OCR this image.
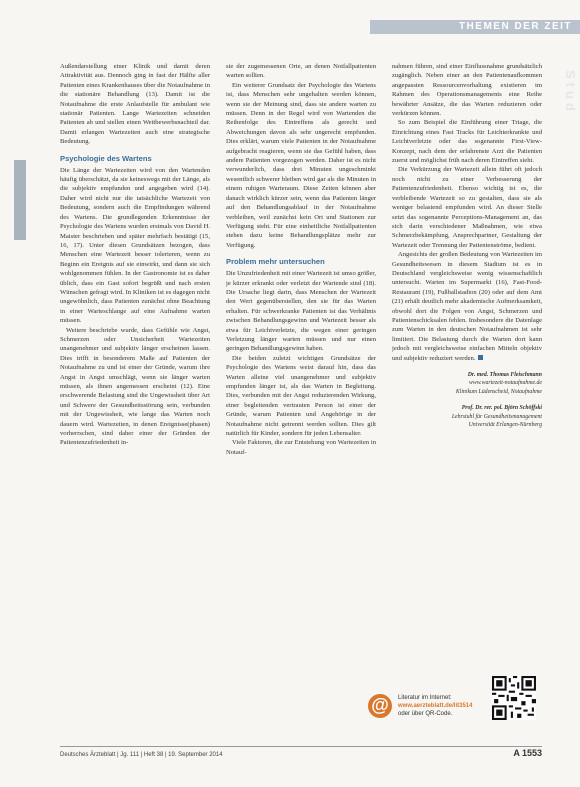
THEMEN DER ZEIT
Stud

Außendarstellung einer Klinik und damit deren Attraktivität aus. Dennoch ging in fast der Hälfte aller Patienten eines Krankenhauses über die Notaufnahme in die stationäre Behandlung (13). Damit ist die Notaufnahme die erste Anlaufstelle für ambulant wie stationär Patienten. Lange Wartezeiten schneiden Patienten ab und stellen einen Wettbewerbsnachteil dar. Damit erlangen Wartezeiten auch eine strategische Bedeutung.

Psychologie des Wartens

Die Länge der Wartezeiten wird von den Wartenden häufig überschätzt, da sie keineswegs mit der Länge, als die subjektiv empfunden und angegeben wird (14). Daher wird nicht nur die tatsächliche Wartezeit von Bedeutung, sondern auch die Empfindungen während des Wartens. Die grundlegenden Erkenntnisse der Psychologie des Wartens wurden erstmals von David H. Maister beschrieben und später mehrfach bestätigt (15, 16, 17). Unter diesen Grundsätzen bezogen, dass Menschen eine Wartezeit besser tolerieren, wenn zu Beginn ein Ereignis auf sie einwirkt, und dann sie sich wohlgenommen fühlen. In der Gastronomie ist es daher üblich, dass ein Gast sofort begrüßt und nach ersten Wünschen gefragt wird. In Kliniken ist es dagegen nicht ungewöhnlich, dass Patienten zunächst ohne Beachtung in einer Warteschlange auf eine Aufnahme warten müssen.

Weitere beschriebe wurde, dass Gefühle wie Angst, Schmerzen oder Unsicherheit Wartezeiten unangenehmer und subjektiv länger erscheinen lassen. Dies trifft in besonderem Maße auf Patienten der Notaufnahme zu und ist einer der Gründe, warum ihre Angst in Angst umschlägt, wenn sie länger warten müssen, als ihnen angemessen erscheint (12). Eine erschwerende Belastung sind die Ungewissheit über Art und Schwere der Gesundheitsstörung sein, verbunden mit der Ungewissheit, wie lange das Warten noch dauern wird. Wartezeiten, in denen Ereignisse(phasen) vorherrschen, sind daher einer der Gründen der Patientenzufriedenheit in-

sie der zugemessenen Orte, an denen Notfallpatienten warten sollten.

Ein weiterer Grundsatz der Psychologie des Wartens ist, dass Menschen sehr ungehalten werden können, wenn sie der Meinung sind, dass sie andere warten zu müssen. Denn in der Regel wird von Wartenden die Reihenfolge des Eintreffens als gerecht und Abweichungen davon als sehr ungerecht empfunden. Dies erklärt, warum viele Patienten in der Notaufnahme aufgebracht reagieren, wenn sie das Gefühl haben, dass andere Patienten vorgezogen werden. Daher ist es nicht verwunderlich, dass drei Minuten ungeschminkt wesentlich schwerer bleiben wird gar als die Minuten in einem ruhigen Warteraum. Diese Zeiten können aber danach wirklich kürzer sein, wenn das Patienten länger auf den Behandlungsablauf in der Notaufnahme verbleiben, weil zunächst kein Ort und Stationen zur Verfügung steht. Für eine einheitliche Notfallpatienten stehen dazu keine Behandlungsplätze mehr zur Verfügung.

Problem mehr untersuchen

Die Unzufriedenheit mit einer Wartezeit ist umso größer, je kürzer erkrankt oder verletzt der Wartende sind (18). Die Ursache liegt darin, dass Menschen der Wartezeit den Wert gegenüberstellen, den sie für das Warten erhalten. Für schwerkranke Patienten ist das Verhältnis zwischen Behandlungsgewinn und Wartezeit besser als etwa für Leichtverletzte, die wegen einer geringen Verletzung länger warten müssen und nur einen geringen Behandlungsgewinn haben.

Die beiden zuletzt wichtigen Grundsätze der Psychologie des Wartens weist darauf hin, dass das Warten alleine viel unangenehmer und subjektiv empfunden länger ist, als das Warten in Begleitung. Dies, verbunden mit der Angst reduzierenden Wirkung, einer begleitenden vertrauten Person ist einer der Gründe, warum Patienten und Angehörige in der Notaufnahme nicht getrennt werden sollten. Dies gilt natürlich für Kinder, sondern für jeden Lebensalter.

Viele Faktoren, die zur Entstehung von Wartezeiten in Notauf-

nahmen führen, sind einer Einflussnahme grundsätzlich zugänglich. Neben einer an den Patientenaufkommen angepassten Ressourcenvorhaltung existieren im Rahmen des Operationsmanagements eine Reihe bewährter Ansätze, die das Warten reduzieren oder verkürzen können.

So zum Beispiel die Einführung einer Triage, die Einrichtung eines Fast Tracks für Leichterkrankte und Leichtverletzte oder das sogenannte First-View-Konzept, nach dem der erfahrenste Arzt die Patienten zuerst und möglichst früh nach deren Eintreffen sieht.

Die Verkürzung der Wartezeit allein führt oft jedoch noch nicht zu einer Verbesserung der Patientenzufriedenheit. Ebenso wichtig ist es, die verbleibende Wartezeit so zu gestalten, dass sie als weniger belastend empfunden wird. An dieser Stelle setzt das sogenannte Perceptions-Management an, das sich darin verschiedener Maßnahmen, wie etwa Schmerzbekämpfung, Ansprechpartner, Gestaltung der Wartezeit oder Trennung der Patientenströme, bedient.

Angesichts der großen Bedeutung von Wartezeiten im Gesundheitswesen in diesem Stadium ist es in Deutschland vergleichsweise wenig wissenschaftlich untersucht. Warten im Supermarkt (16), Fast-Food-Restaurant (19), Fußballstadion (20) oder auf dem Amt (21) erhält deutlich mehr akademische Aufmerksamkeit, obwohl dort die Folgen von Angst, Schmerzen und Patientenschicksalen fehlen. Insbesondere die Datenlage zum Warten in den deutschen Notaufnahmen ist sehr limitiert. Die Belastung durch die Warten dort kann jedoch mit vergleichsweise einfachen Mitteln objektiv und subjektiv reduziert werden.

Dr. med. Thomas Fleischmann
www.wartezeit-notaufnahme.de
Klinikum Lüdenscheid, Notaufnahme
Prof. Dr. rer. pol. Björn Schöffski
Lehrstuhl für Gesundheitsmanagement
Universität Erlangen-Nürnberg
@	Literatur im Internet:
www.aerzteblatt.de/lit3514
oder über QR-Code.
Deutsches Ärzteblatt | Jg. 111 | Heft 38 | 19. September 2014	A 1553
